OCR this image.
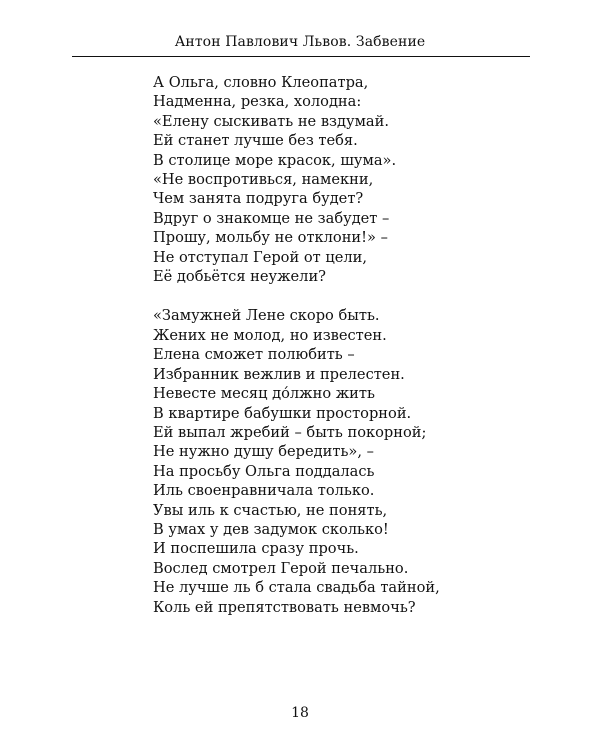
Антон Павлович Львов. Забвение
А Ольга, словно Клеопатра,
Надменна, резка, холодна:
«Елену сыскивать не вздумай.
Ей станет лучше без тебя.
В столице море красок, шума».
«Не воспротивься, намекни,
Чем занята подруга будет?
Вдруг о знакомце не забудет –
Прошу, мольбу не отклони!» –
Не отступал Герой от цели,
Её добьётся неужели?
«Замужней Лене скоро быть.
Жених не молод, но известен.
Елена сможет полюбить –
Избранник вежлив и прелестен.
Невесте месяц до́лжно жить
В квартире бабушки просторной.
Ей выпал жребий – быть покорной;
Не нужно душу бередить», –
На просьбу Ольга поддалась
Иль своенравничала только.
Увы иль к счастью, не понять,
В умах у дев задумок сколько!
И поспешила сразу прочь.
Вослед смотрел Герой печально.
Не лучше ль б стала свадьба тайной,
Коль ей препятствовать невмочь?
18
